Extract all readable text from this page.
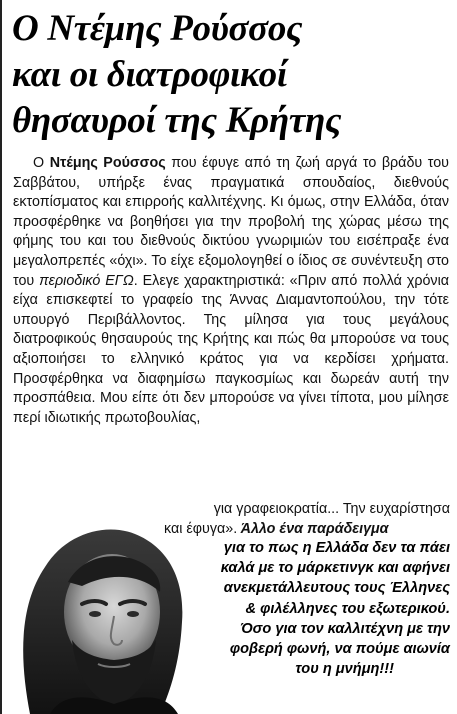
Ο Ντέμης Ρούσσος
και οι διατροφικοί
θησαυροί της Κρήτης
Ο Ντέμης Ρούσσος που έφυγε από τη ζωή αργά το βράδυ του Σαββάτου, υπήρξε ένας πραγματικά σπουδαίος, διεθνούς εκτοπίσματος και επιρροής καλλιτέχνης. Κι όμως, στην Ελλάδα, όταν προσφέρθηκε να βοηθήσει για την προβολή της χώρας μέσω της φήμης του και του διεθνούς δικτύου γνωριμιών του εισέπραξε ένα μεγαλοπρεπές «όχι». Το είχε εξομολογηθεί ο ίδιος σε συνέντευξη στο του περιοδικό ΕΓΩ. Ελεγε χαρακτηριστικά: «Πριν από πολλά χρόνια είχα επισκεφτεί το γραφείο της Άννας Διαμαντοπούλου, την τότε υπουργό Περιβάλλοντος. Της μίλησα για τους μεγάλους διατροφικούς θησαυρούς της Κρήτης και πώς θα μπορούσε να τους αξιοποιήσει το ελληνικό κράτος για να κερδίσει χρήματα. Προσφέρθηκα να διαφημίσω παγκοσμίως και δωρεάν αυτή την προσπάθεια. Μου είπε ότι δεν μπορούσε να γίνει τίποτα, μου μίλησε περί ιδιωτικής πρωτοβουλίας,
για γραφειοκρατία... Την ευχαρίστησα
και έφυγα». Άλλο ένα παράδειγμα
για το πως η Ελλάδα δεν τα πάει
καλά με το μάρκετινγκ και αφήνει
ανεκμετάλλευτους τους Έλληνες
& φιλέλληνες του εξωτερικού.
Όσο για τον καλλιτέχνη με την
φοβερή φωνή, να πούμε αιωνία
του η μνήμη!!!
